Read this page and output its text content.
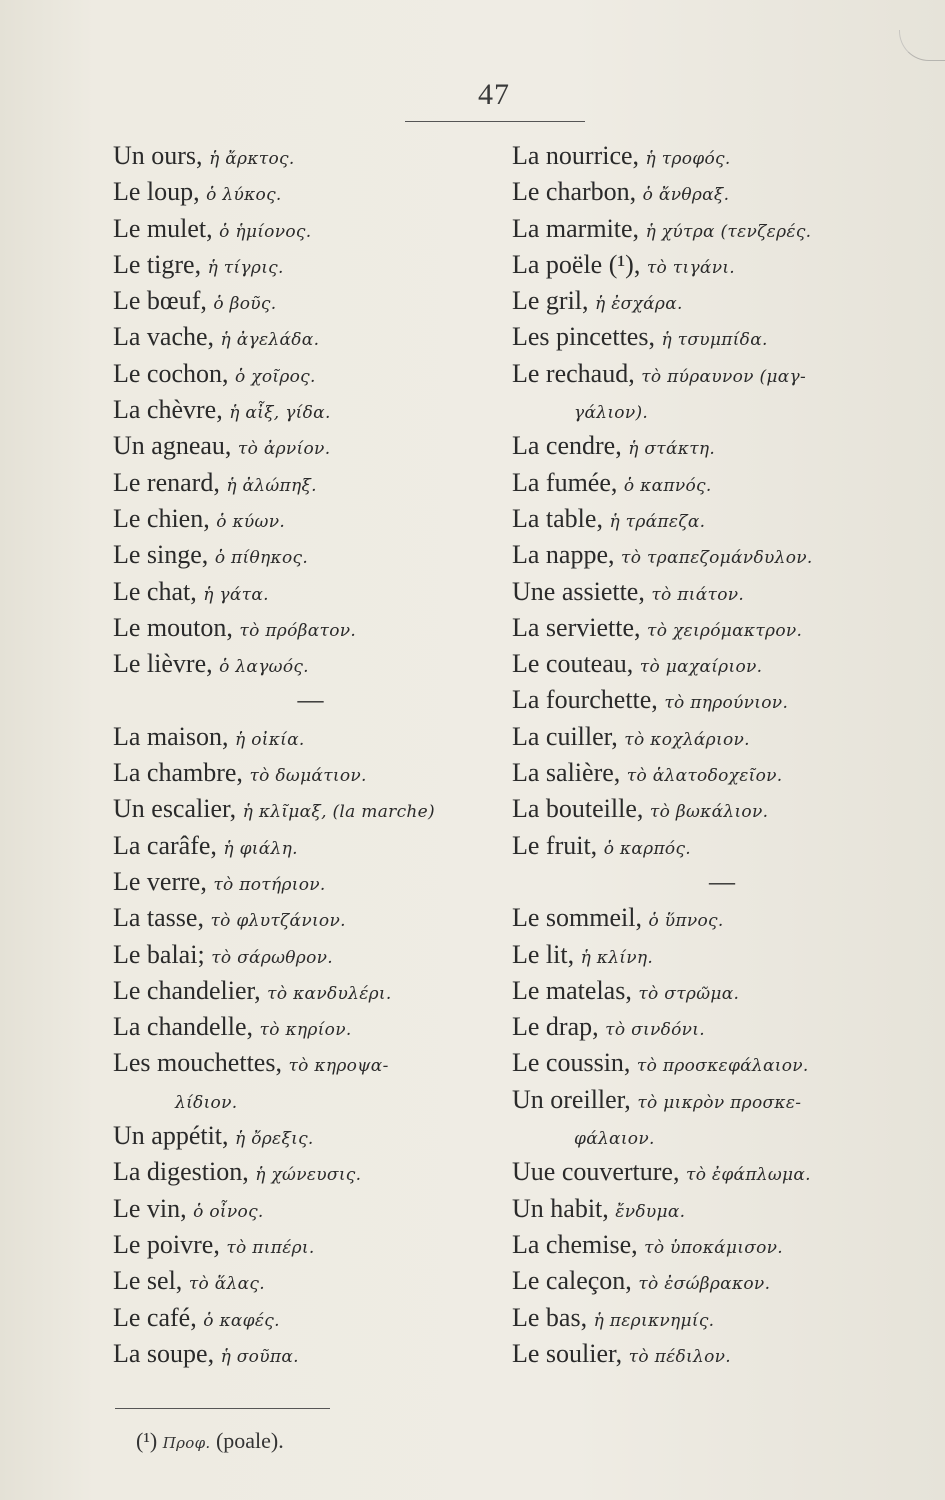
47
Un ours, ἡ ἄρκτος.
Le loup, ὁ λύκος.
Le mulet, ὁ ἡμίονος.
Le tigre, ἡ τίγρις.
Le bœuf, ὁ βοῦς.
La vache, ἡ ἀγελάδα.
Le cochon, ὁ χοῖρος.
La chèvre, ἡ αἶξ, γίδα.
Un agneau, τὸ ἀρνίον.
Le renard, ἡ ἀλώπηξ.
Le chien, ὁ κύων.
Le singe, ὁ πίθηκος.
Le chat, ἡ γάτα.
Le mouton, τὸ πρόβατον.
Le lièvre, ὁ λαγωός.
—
La maison, ἡ οἰκία.
La chambre, τὸ δωμάτιον.
Un escalier, ἡ κλῖμαξ, (la marche)
La carâfe, ἡ φιάλη.
Le verre, τὸ ποτήριον.
La tasse, τὸ φλυτζάνιον.
Le balai; τὸ σάρωθρον.
Le chandelier, τὸ κανδυλέρι.
La chandelle, τὸ κηρίον.
Les mouchettes, τὸ κηροψα-
λίδιον.
Un appétit, ἡ ὄρεξις.
La digestion, ἡ χώνευσις.
Le vin, ὁ οἶνος.
Le poivre, τὸ πιπέρι.
Le sel, τὸ ἅλας.
Le café, ὁ καφές.
La soupe, ἡ σοῦπα.
La nourrice, ἡ τροφός.
Le charbon, ὁ ἄνθραξ.
La marmite, ἡ χύτρα (τενζερές.
La poële (¹), τὸ τιγάνι.
Le gril, ἡ ἐσχάρα.
Les pincettes, ἡ τσυμπίδα.
Le rechaud, τὸ πύραυνον (μαγ-
γάλιον).
La cendre, ἡ στάκτη.
La fumée, ὁ καπνός.
La table, ἡ τράπεζα.
La nappe, τὸ τραπεζομάνδυλον.
Une assiette, τὸ πιάτον.
La serviette, τὸ χειρόμακτρον.
Le couteau, τὸ μαχαίριον.
La fourchette, τὸ πηρούνιον.
La cuiller, τὸ κοχλάριον.
La salière, τὸ ἁλατοδοχεῖον.
La bouteille, τὸ βωκάλιον.
Le fruit, ὁ καρπός.
—
Le sommeil, ὁ ὕπνος.
Le lit, ἡ κλίνη.
Le matelas, τὸ στρῶμα.
Le drap, τὸ σινδόνι.
Le coussin, τὸ προσκεφάλαιον.
Un oreiller, τὸ μικρὸν προσκε-
φάλαιον.
Uue couverture, τὸ ἐφάπλωμα.
Un habit, ἔνδυμα.
La chemise, τὸ ὑποκάμισον.
Le caleçon, τὸ ἐσώβρακον.
Le bas, ἡ περικνημίς.
Le soulier, τὸ πέδιλον.
(¹) Προφ. (poale).
